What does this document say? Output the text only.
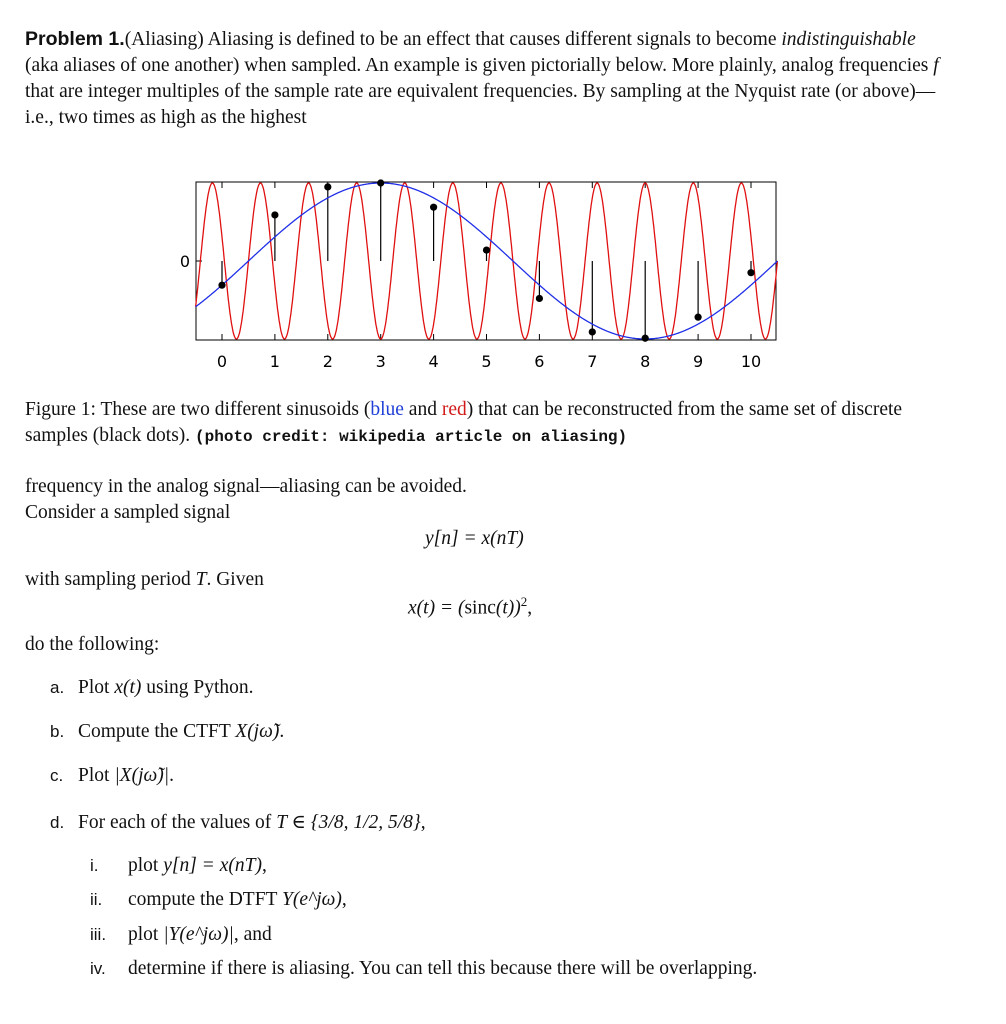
Problem 1.(Aliasing) Aliasing is defined to be an effect that causes different signals to become indistinguishable (aka aliases of one another) when sampled. An example is given pictorially below. More plainly, analog frequencies f that are integer multiples of the sample rate are equivalent frequencies. By sampling at the Nyquist rate (or above)—i.e., two times as high as the highest
0
0	1	2	3	4	5	6	7	8	9 10
Figure 1: These are two different sinusoids (blue and red) that can be reconstructed from the same set of discrete samples (black dots). (photo credit: wikipedia article on aliasing)
frequency in the analog signal—aliasing can be avoided.
Consider a sampled signal
y[n] = x(nT)
with sampling period T. Given
$x(t) = (\sin c(t))^2$,
do the following:
a. Plot x(t) using Python.
b. Compute the CTFT X(jω̃).
c. Plot |X(jω̃)|.
d. For each of the values of T ∈ {3/8, 1/2, 5/8},
i. plot y[n] = x(nT),
ii. compute the DTFT Y(e^jω),
iii. plot |Y(e^jω)|, and
iv. determine if there is aliasing. You can tell this because there will be overlapping.
